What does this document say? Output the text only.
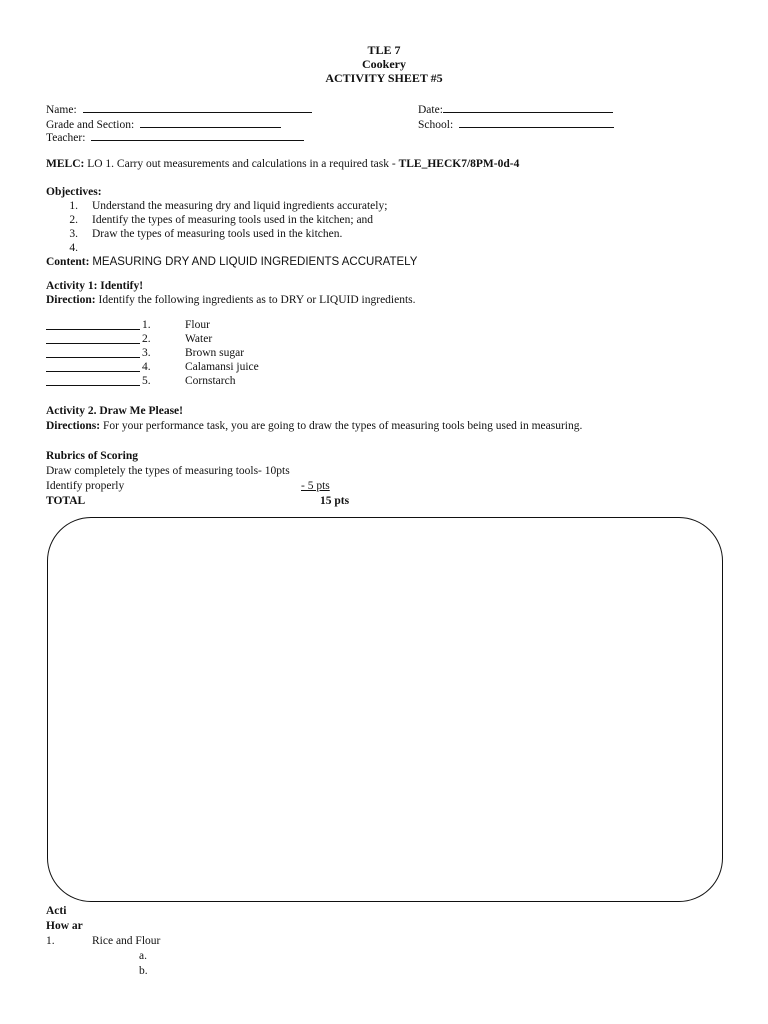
TLE 7
Cookery
ACTIVITY SHEET #5
Name:	Date:
Grade and Section:	School:
Teacher:
MELC: LO 1. Carry out measurements and calculations in a required task - TLE_HECK7/8PM-0d-4
Objectives:
1. Understand the measuring dry and liquid ingredients accurately;
2. Identify the types of measuring tools used in the kitchen; and
3. Draw the types of measuring tools used in the kitchen.
4.
Content: MEASURING DRY AND LIQUID INGREDIENTS ACCURATELY
Activity 1: Identify!
Direction: Identify the following ingredients as to DRY or LIQUID ingredients.
1.	Flour
2.	Water
3.	Brown sugar
4.	Calamansi juice
5.	Cornstarch
Activity 2. Draw Me Please!
Directions: For your performance task, you are going to draw the types of measuring tools being used in measuring.
Rubrics of Scoring
Draw completely the types of measuring tools- 10pts
Identify properly	- 5 pts
TOTAL	15 pts
Acti
How ar
1.	Rice and Flour
a.
b.
